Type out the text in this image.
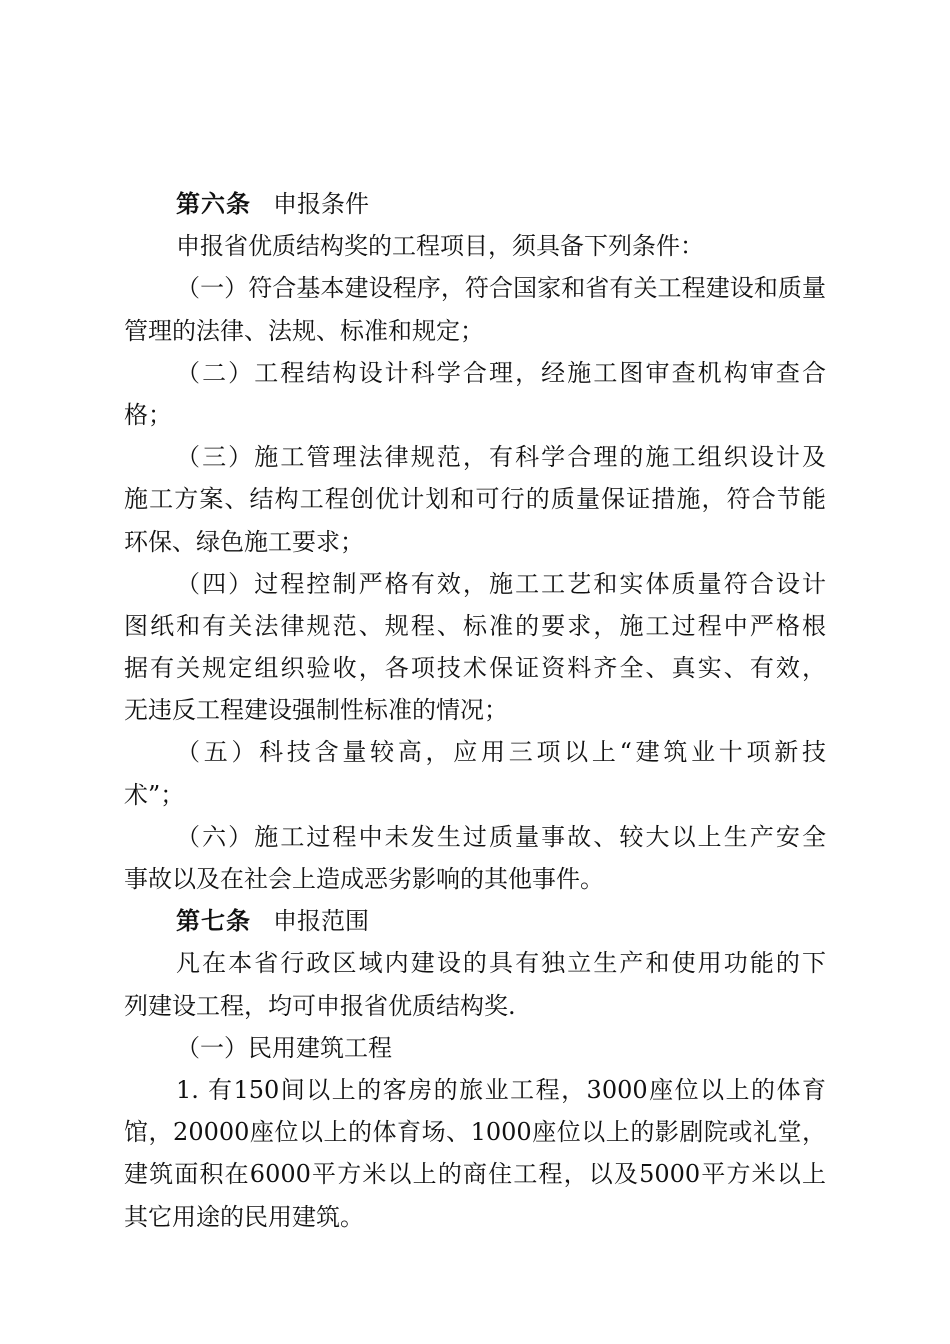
第六条 申报条件
申报省优质结构奖的工程项目，须具备下列条件：
（一）符合基本建设程序，符合国家和省有关工程建设和质量
管理的法律、法规、标准和规定；
（二）工程结构设计科学合理，经施工图审查机构审查合
格；
（三）施工管理法律规范，有科学合理的施工组织设计及
施工方案、结构工程创优计划和可行的质量保证措施，符合节能
环保、绿色施工要求；
（四）过程控制严格有效，施工工艺和实体质量符合设计
图纸和有关法律规范、规程、标准的要求，施工过程中严格根
据有关规定组织验收，各项技术保证资料齐全、真实、有效，
无违反工程建设强制性标准的情况；
（五）科技含量较高，应用三项以上“建筑业十项新技
术”；
（六）施工过程中未发生过质量事故、较大以上生产安全
事故以及在社会上造成恶劣影响的其他事件。
第七条 申报范围
凡在本省行政区域内建设的具有独立生产和使用功能的下
列建设工程，均可申报省优质结构奖.
（一）民用建筑工程
1. 有150间以上的客房的旅业工程，3000座位以上的体育
馆，20000座位以上的体育场、1000座位以上的影剧院或礼堂，
建筑面积在6000平方米以上的商住工程，以及5000平方米以上
其它用途的民用建筑。
